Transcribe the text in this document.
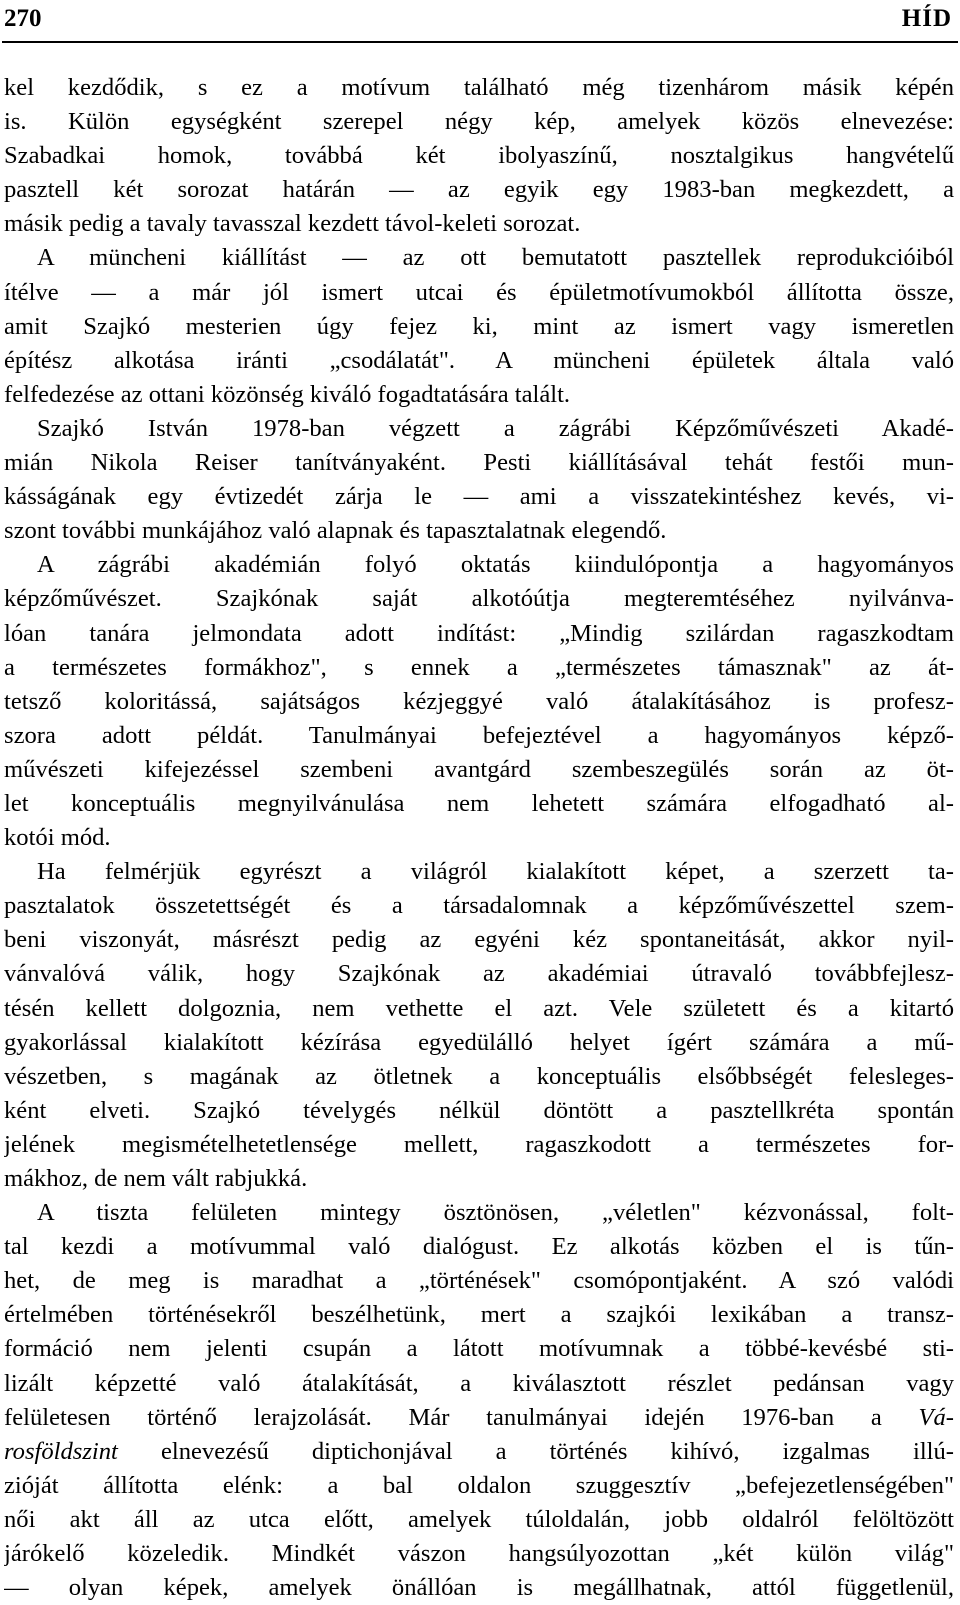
270	HÍD
kel kezdődik, s ez a motívum található még tizenhárom másik képén
is. Külön egységként szerepel négy kép, amelyek közös elnevezése:
Szabadkai homok, továbbá két ibolyaszínű, nosztalgikus hangvételű
pasztell két sorozat határán — az egyik egy 1983-ban megkezdett, a
másik pedig a tavaly tavasszal kezdett távol-keleti sorozat.
A müncheni kiállítást — az ott bemutatott pasztellek reprodukcióiból
ítélve — a már jól ismert utcai és épületmotívumokból állította össze,
amit Szajkó mesterien úgy fejez ki, mint az ismert vagy ismeretlen
építész alkotása iránti „csodálatát". A müncheni épületek általa való
felfedezése az ottani közönség kiváló fogadtatására talált.
Szajkó István 1978-ban végzett a zágrábi Képzőművészeti Akadé-
mián Nikola Reiser tanítványaként. Pesti kiállításával tehát festői mun-
kásságának egy évtizedét zárja le — ami a visszatekintéshez kevés, vi-
szont további munkájához való alapnak és tapasztalatnak elegendő.
A zágrábi akadémián folyó oktatás kiindulópontja a hagyományos
képzőművészet. Szajkónak saját alkotóútja megteremtéséhez nyilvánva-
lóan tanára jelmondata adott indítást: „Mindig szilárdan ragaszkodtam
a természetes formákhoz", s ennek a „természetes támasznak" az át-
tetsző koloritássá, sajátságos kézjeggyé való átalakításához is profesz-
szora adott példát. Tanulmányai befejeztével a hagyományos képző-
művészeti kifejezéssel szembeni avantgárd szembeszegülés során az öt-
let konceptuális megnyilvánulása nem lehetett számára elfogadható al-
kotói mód.
Ha felmérjük egyrészt a világról kialakított képet, a szerzett ta-
pasztalatok összetettségét és a társadalomnak a képzőművészettel szem-
beni viszonyát, másrészt pedig az egyéni kéz spontaneitását, akkor nyil-
vánvalóvá válik, hogy Szajkónak az akadémiai útravaló továbbfejlesz-
tésén kellett dolgoznia, nem vethette el azt. Vele született és a kitartó
gyakorlással kialakított kézírása egyedülálló helyet ígért számára a mű-
vészetben, s magának az ötletnek a konceptuális elsőbbségét felesleges-
ként elveti. Szajkó tévelygés nélkül döntött a pasztellkréta spontán
jelének megismételhetetlensége mellett, ragaszkodott a természetes for-
mákhoz, de nem vált rabjukká.
A tiszta felületen mintegy ösztönösen, „véletlen" kézvonással, folt-
tal kezdi a motívummal való dialógust. Ez alkotás közben el is tűn-
het, de meg is maradhat a „történések" csomópontjaként. A szó valódi
értelmében történésekről beszélhetünk, mert a szajkói lexikában a transz-
formáció nem jelenti csupán a látott motívumnak a többé-kevésbé sti-
lizált képzetté való átalakítását, a kiválasztott részlet pedánsan vagy
felületesen történő lerajzolását. Már tanulmányai idején 1976-ban a Vá-
rosföldszint elnevezésű diptichonjával a történés kihívó, izgalmas illú-
zióját állította elénk: a bal oldalon szuggesztív „befejezetlenségében"
női akt áll az utca előtt, amelyek túloldalán, jobb oldalról felöltözött
járókelő közeledik. Mindkét vászon hangsúlyozottan „két külön világ"
— olyan képek, amelyek önállóan is megállhatnak, attól függetlenül,
